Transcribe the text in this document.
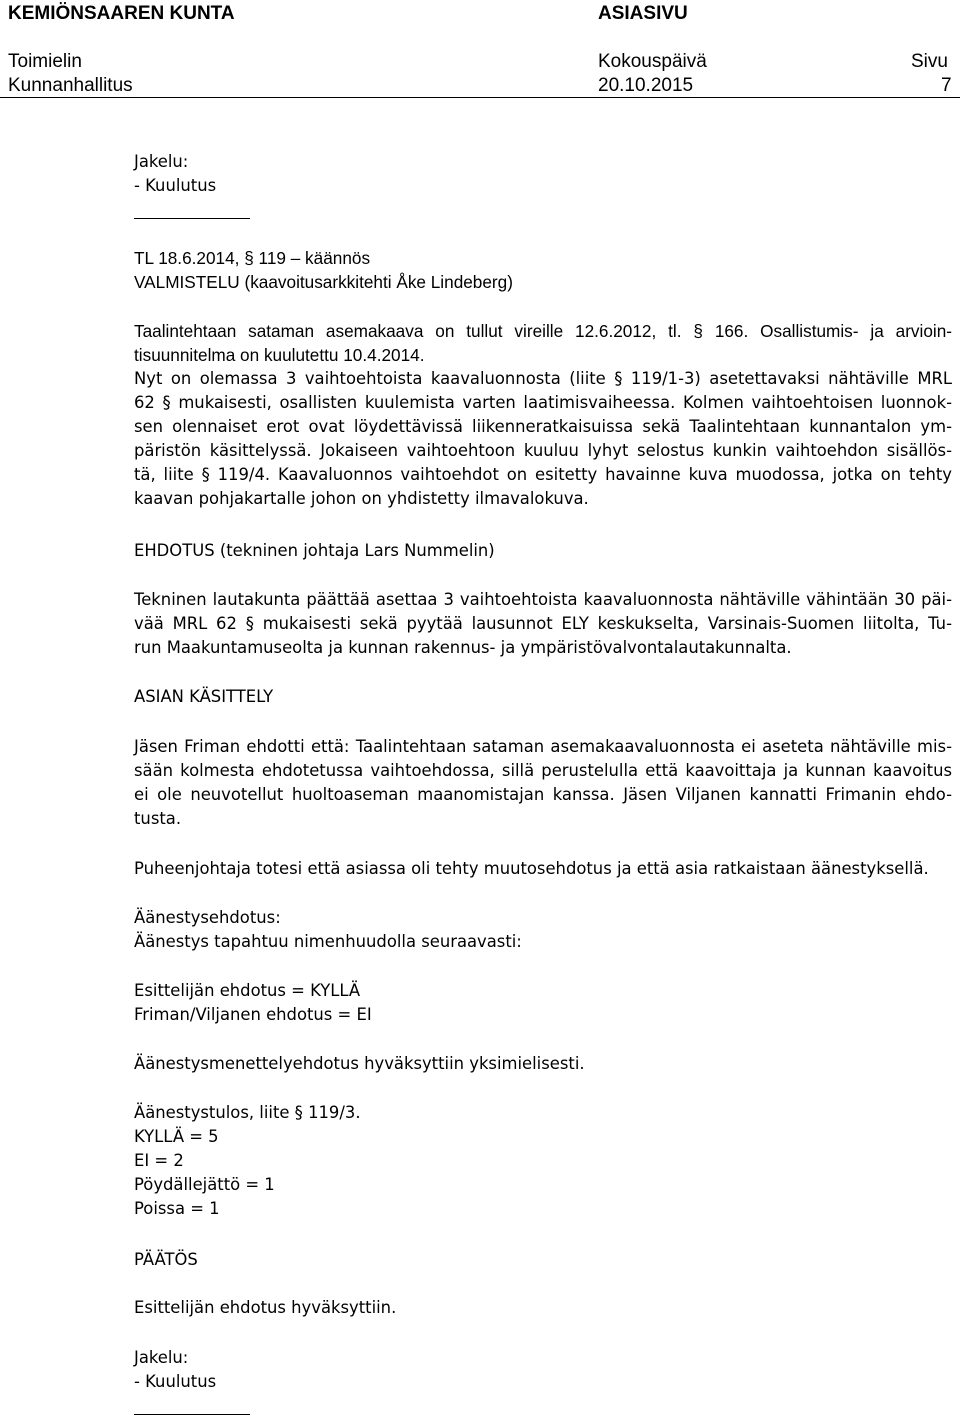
KEMIÖNSAAREN KUNTA	ASIASIVU
Toimielin	Kokouspäivä	Sivu
Kunnanhallitus	20.10.2015	7
Jakelu:
- Kuulutus
TL 18.6.2014, § 119 – käännös
VALMISTELU (kaavoitusarkkitehti Åke Lindeberg)
Taalintehtaan sataman asemakaava on tullut vireille 12.6.2012, tl. § 166. Osallistumis- ja arvioin-
tisuunnitelma on kuulutettu 10.4.2014.
Nyt on olemassa 3 vaihtoehtoista kaavaluonnosta (liite § 119/1-3) asetettavaksi nähtäville MRL
62 § mukaisesti, osallisten kuulemista varten laatimisvaiheessa. Kolmen vaihtoehtoisen luonnok-
sen olennaiset erot ovat löydettävissä liikenneratkaisuissa sekä Taalintehtaan kunnantalon ym-
päristön käsittelyssä. Jokaiseen vaihtoehtoon kuuluu lyhyt selostus kunkin vaihtoehdon sisällös-
tä, liite § 119/4. Kaavaluonnos vaihtoehdot on esitetty havainne kuva muodossa, jotka on tehty
kaavan pohjakartalle johon on yhdistetty ilmavalokuva.
EHDOTUS (tekninen johtaja Lars Nummelin)
Tekninen lautakunta päättää asettaa 3 vaihtoehtoista kaavaluonnosta nähtäville vähintään 30 päi-
vää MRL 62 § mukaisesti sekä pyytää lausunnot ELY keskukselta, Varsinais-Suomen liitolta, Tu-
run Maakuntamuseolta ja kunnan rakennus- ja ympäristövalvontalautakunnalta.
ASIAN KÄSITTELY
Jäsen Friman ehdotti että: Taalintehtaan sataman asemakaavaluonnosta ei aseteta nähtäville mis-
sään kolmesta ehdotetussa vaihtoehdossa, sillä perustelulla että kaavoittaja ja kunnan kaavoitus
ei ole neuvotellut huoltoaseman maanomistajan kanssa. Jäsen Viljanen kannatti Frimanin ehdo-
tusta.
Puheenjohtaja totesi että asiassa oli tehty muutosehdotus ja että asia ratkaistaan äänestyksellä.
Äänestysehdotus:
Äänestys tapahtuu nimenhuudolla seuraavasti:
Esittelijän ehdotus = KYLLÄ
Friman/Viljanen ehdotus = EI
Äänestysmenettelyehdotus hyväksyttiin yksimielisesti.
Äänestystulos, liite § 119/3.
KYLLÄ = 5
EI = 2
Pöydällejättö = 1
Poissa = 1
PÄÄTÖS
Esittelijän ehdotus hyväksyttiin.
Jakelu:
- Kuulutus
